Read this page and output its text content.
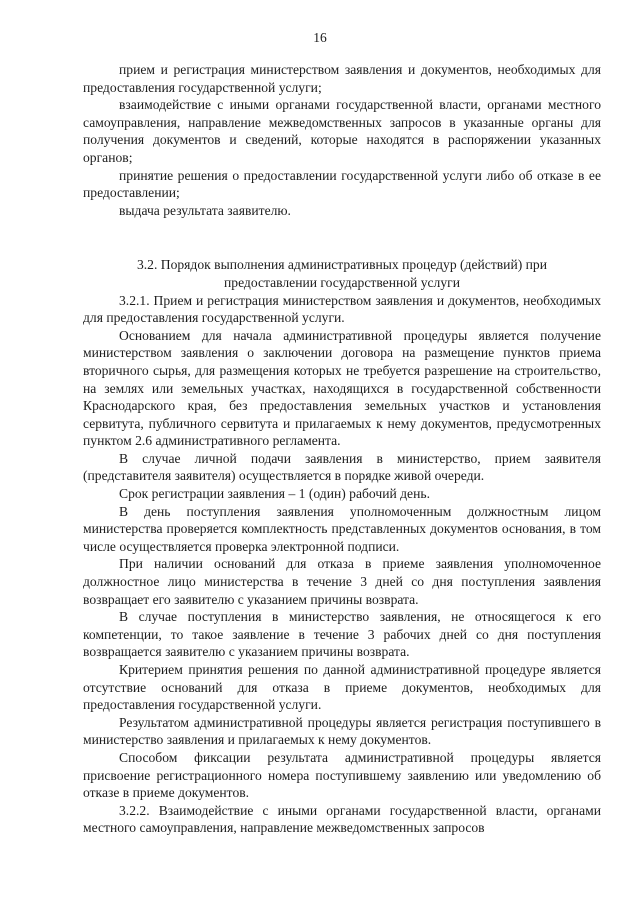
16

прием и регистрация министерством заявления и документов, необходимых для предоставления государственной услуги;

взаимодействие с иными органами государственной власти, органами местного самоуправления, направление межведомственных запросов в указанные органы для получения документов и сведений, которые находятся в распоряжении указанных органов;

принятие решения о предоставлении государственной услуги либо об отказе в ее предоставлении;

выдача результата заявителю.

3.2. Порядок выполнения административных процедур (действий) при предоставлении государственной услуги

3.2.1. Прием и регистрация министерством заявления и документов, необходимых для предоставления государственной услуги.

Основанием для начала административной процедуры является получение министерством заявления о заключении договора на размещение пунктов приема вторичного сырья, для размещения которых не требуется разрешение на строительство, на землях или земельных участках, находящихся в государственной собственности Краснодарского края, без предоставления земельных участков и установления сервитута, публичного сервитута и прилагаемых к нему документов, предусмотренных пунктом 2.6 административного регламента.

В случае личной подачи заявления в министерство, прием заявителя (представителя заявителя) осуществляется в порядке живой очереди.

Срок регистрации заявления – 1 (один) рабочий день.

В день поступления заявления уполномоченным должностным лицом министерства проверяется комплектность представленных документов основания, в том числе осуществляется проверка электронной подписи.

При наличии оснований для отказа в приеме заявления уполномоченное должностное лицо министерства в течение 3 дней со дня поступления заявления возвращает его заявителю с указанием причины возврата.

В случае поступления в министерство заявления, не относящегося к его компетенции, то такое заявление в течение 3 рабочих дней со дня поступления возвращается заявителю с указанием причины возврата.

Критерием принятия решения по данной административной процедуре является отсутствие оснований для отказа в приеме документов, необходимых для предоставления государственной услуги.

Результатом административной процедуры является регистрация поступившего в министерство заявления и прилагаемых к нему документов.

Способом фиксации результата административной процедуры является присвоение регистрационного номера поступившему заявлению или уведомлению об отказе в приеме документов.

3.2.2. Взаимодействие с иными органами государственной власти, органами местного самоуправления, направление межведомственных запросов
